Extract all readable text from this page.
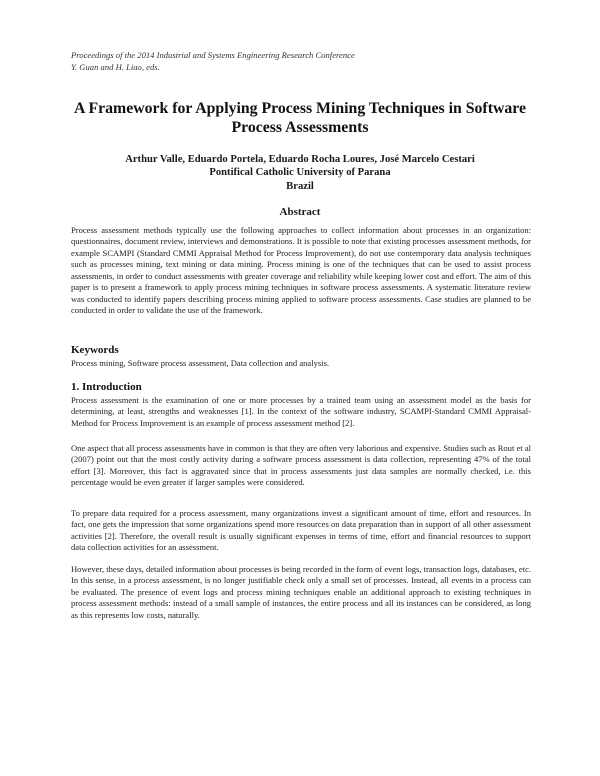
Proceedings of the 2014 Industrial and Systems Engineering Research Conference
Y. Guan and H. Liao, eds.
A Framework for Applying Process Mining Techniques in Software
Process Assessments
Arthur Valle, Eduardo Portela, Eduardo Rocha Loures, José Marcelo Cestari
Pontifical Catholic University of Parana
Brazil
Abstract
Process assessment methods typically use the following approaches to collect information about processes in an organization: questionnaires, document review, interviews and demonstrations. It is possible to note that existing processes assessment methods, for example SCAMPI (Standard CMMI Appraisal Method for Process Improvement), do not use contemporary data analysis techniques such as processes mining, text mining or data mining. Process mining is one of the techniques that can be used to assist process assessments, in order to conduct assessments with greater coverage and reliability while keeping lower cost and effort. The aim of this paper is to present a framework to apply process mining techniques in software process assessments. A systematic literature review was conducted to identify papers describing process mining applied to software process assessments. Case studies are planned to be conducted in order to validate the use of the framework.
Keywords
Process mining, Software process assessment, Data collection and analysis.
1. Introduction
Process assessment is the examination of one or more processes by a trained team using an assessment model as the basis for determining, at least, strengths and weaknesses [1]. In the context of the software industry, SCAMPI-Standard CMMI Appraisal-Method for Process Improvement is an example of process assessment method [2].
One aspect that all process assessments have in common is that they are often very laborious and expensive. Studies such as Rout et al (2007) point out that the most costly activity during a software process assessment is data collection, representing 47% of the total effort [3]. Moreover, this fact is aggravated since that in process assessments just data samples are normally checked, i.e. this percentage would be even greater if larger samples were considered.
To prepare data required for a process assessment, many organizations invest a significant amount of time, effort and resources. In fact, one gets the impression that some organizations spend more resources on data preparation than in support of all other assessment activities [2]. Therefore, the overall result is usually significant expenses in terms of time, effort and financial resources to support data collection activities for an assessment.
However, these days, detailed information about processes is being recorded in the form of event logs, transaction logs, databases, etc. In this sense, in a process assessment, is no longer justifiable check only a small set of processes. Instead, all events in a process can be evaluated. The presence of event logs and process mining techniques enable an additional approach to existing techniques in process assessment methods: instead of a small sample of instances, the entire process and all its instances can be considered, as long as this represents low costs, naturally.
